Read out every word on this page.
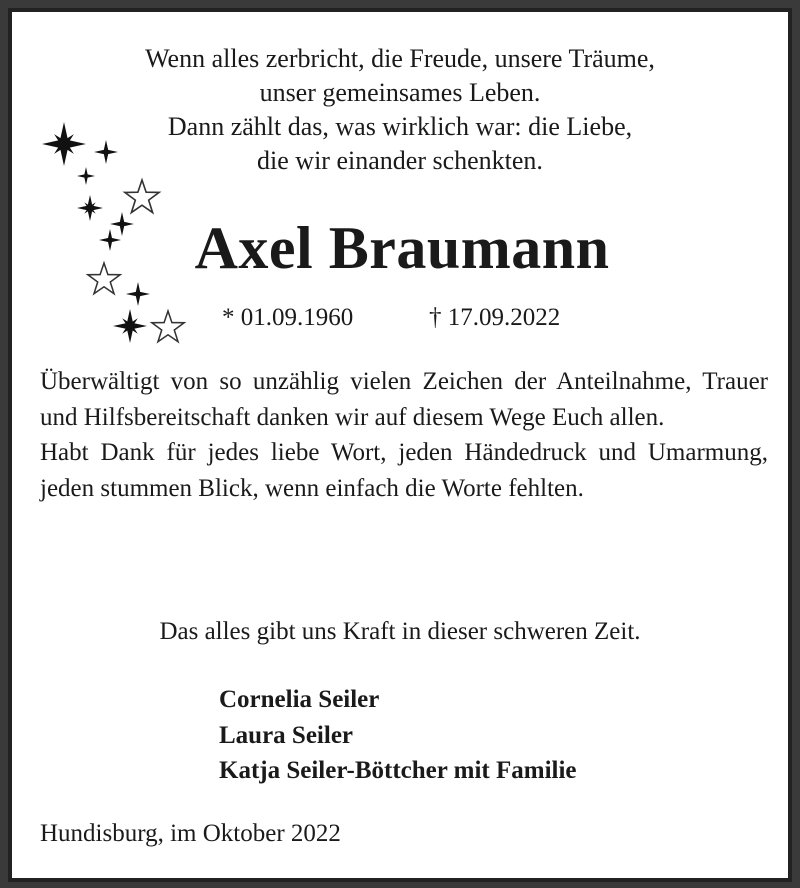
Wenn alles zerbricht, die Freude, unsere Träume,
unser gemeinsames Leben.
Dann zählt das, was wirklich war: die Liebe,
die wir einander schenkten.
Axel Braumann
* 01.09.1960	† 17.09.2022

Überwältigt von so unzählig vielen Zeichen der Anteilnahme, Trauer und Hilfsbereitschaft danken wir auf diesem Wege Euch allen.

Habt Dank für jedes liebe Wort, jeden Händedruck und Umarmung, jeden stummen Blick, wenn einfach die Worte fehlten.

Das alles gibt uns Kraft in dieser schweren Zeit.
Cornelia Seiler
Laura Seiler
Katja Seiler-Böttcher mit Familie
Hundisburg, im Oktober 2022
